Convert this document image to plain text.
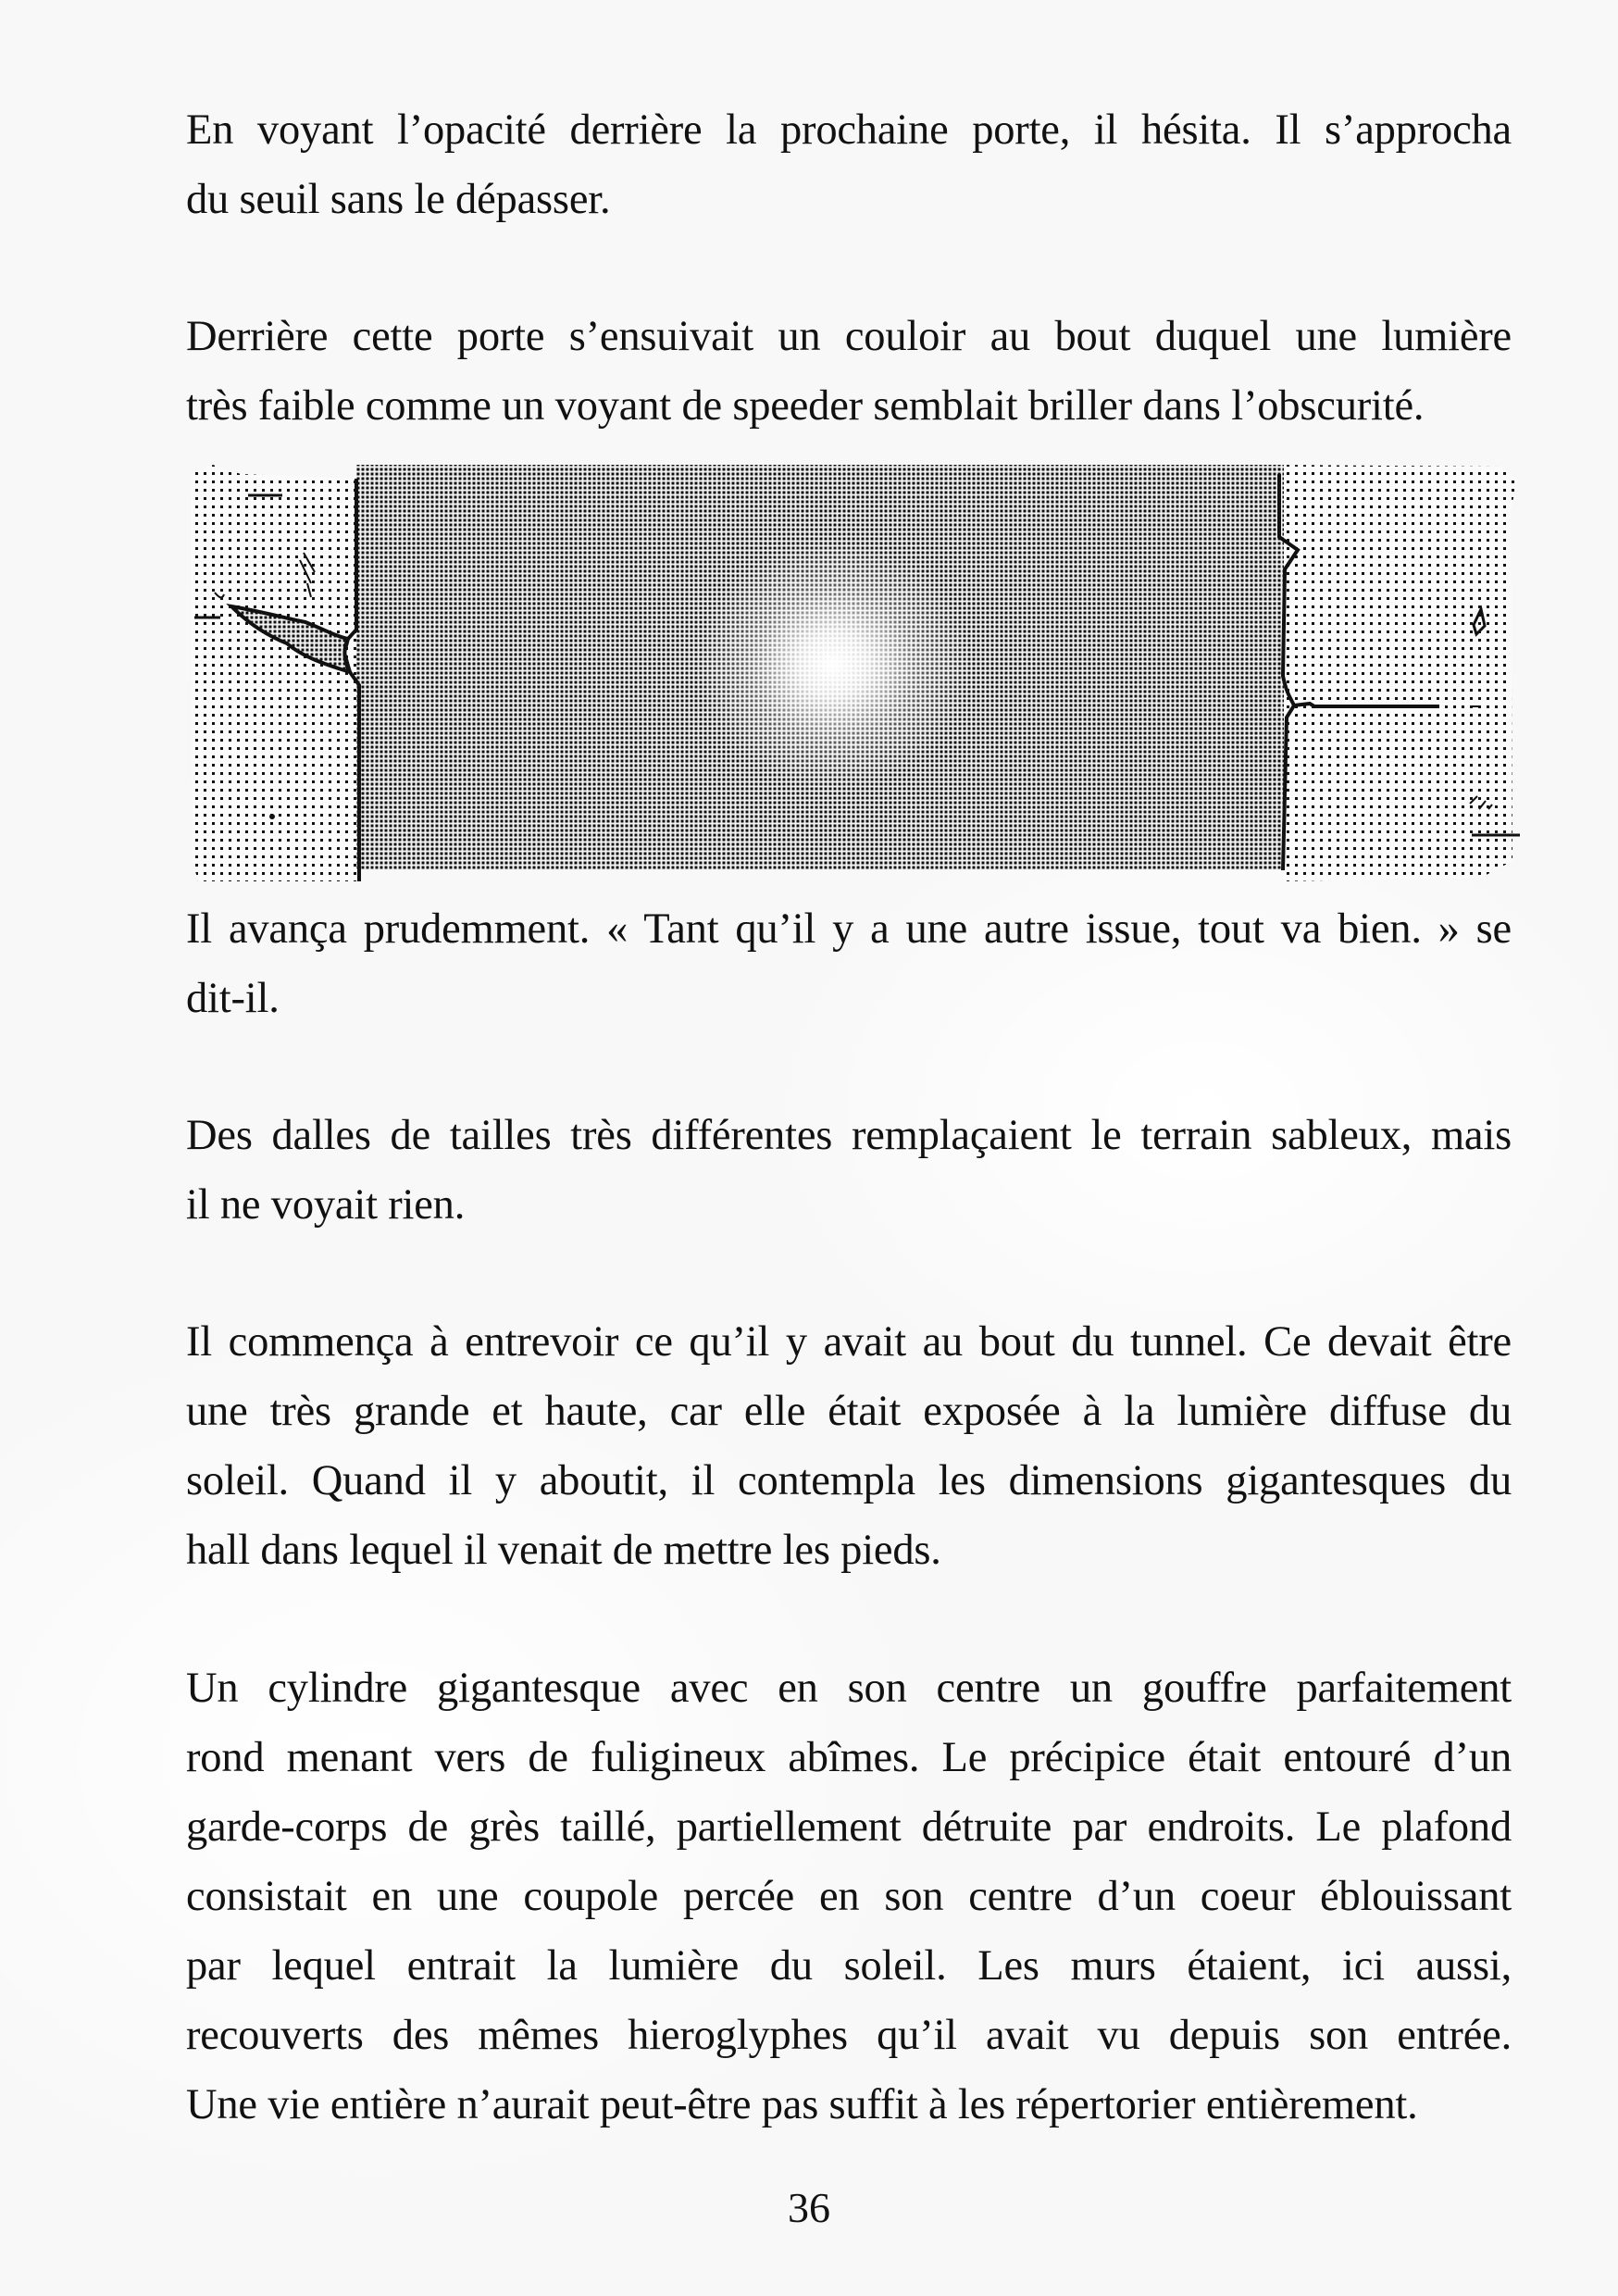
En voyant l’opacité derrière la prochaine porte, il hésita. Il s’approcha
du seuil sans le dépasser.
Derrière cette porte s’ensuivait un couloir au bout duquel une lumière
très faible comme un voyant de speeder semblait briller dans l’obscurité.
Il avança prudemment. « Tant qu’il y a une autre issue, tout va bien. » se
dit-il.
Des dalles de tailles très différentes remplaçaient le terrain sableux, mais
il ne voyait rien.
Il commença à entrevoir ce qu’il y avait au bout du tunnel. Ce devait être
une très grande et haute, car elle était exposée à la lumière diffuse du
soleil. Quand il y aboutit, il contempla les dimensions gigantesques du
hall dans lequel il venait de mettre les pieds.
Un cylindre gigantesque avec en son centre un gouffre parfaitement
rond menant vers de fuligineux abîmes. Le précipice était entouré d’un
garde-corps de grès taillé, partiellement détruite par endroits. Le plafond
consistait en une coupole percée en son centre d’un coeur éblouissant
par lequel entrait la lumière du soleil. Les murs étaient, ici aussi,
recouverts des mêmes hieroglyphes qu’il avait vu depuis son entrée.
Une vie entière n’aurait peut-être pas suffit à les répertorier entièrement.
36
